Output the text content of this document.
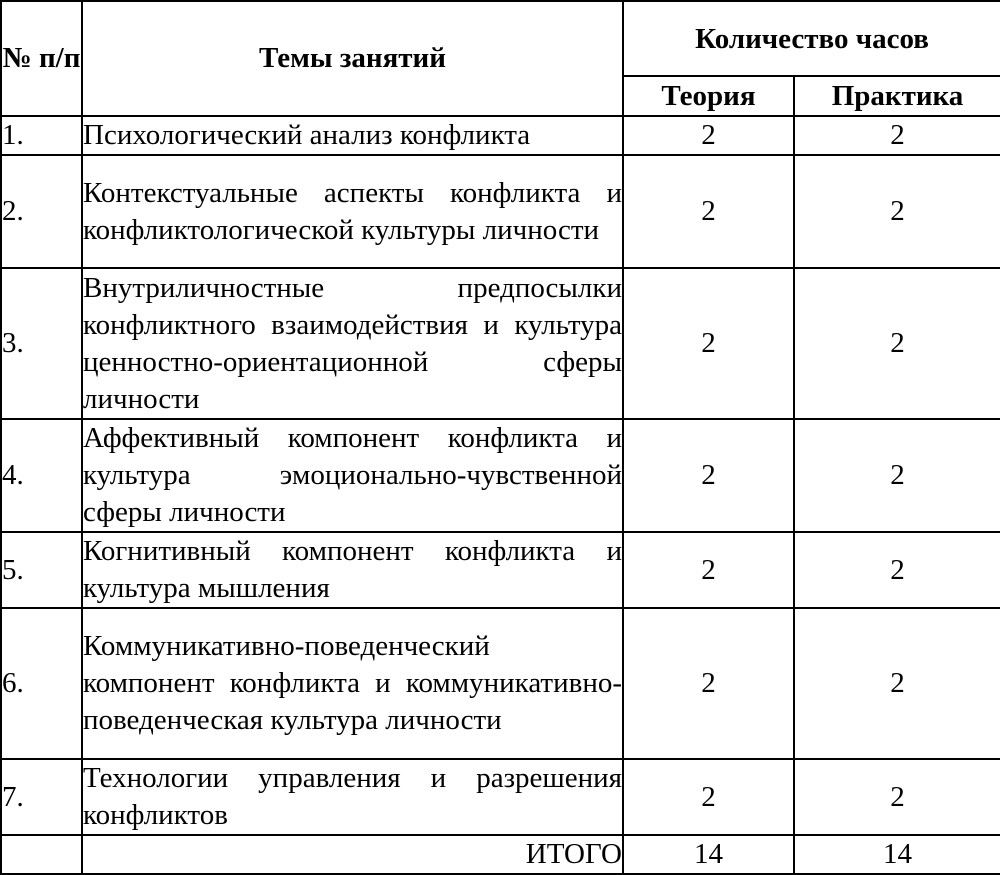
№ п/п	Темы занятий	Количество часов	
		Теория	Практика
1.	Психологический анализ конфликта	2	2
2.	Контекстуальные аспекты конфликта и конфликтологической культуры личности	2	2
3.	Внутриличностные предпосылки конфликтного взаимодействия и культура ценностно-ориентационной сферы личности	2	2
4.	Аффективный компонент конфликта и культура эмоционально-чувственной сферы личности	2	2
5.	Когнитивный компонент конфликта и культура мышления	2	2
6.	Коммуникативно-поведенческий компонент конфликта и коммуникативно-поведенческая культура личности	2	2
7.	Технологии управления и разрешения конфликтов	2	2
	ИТОГО	14	14
